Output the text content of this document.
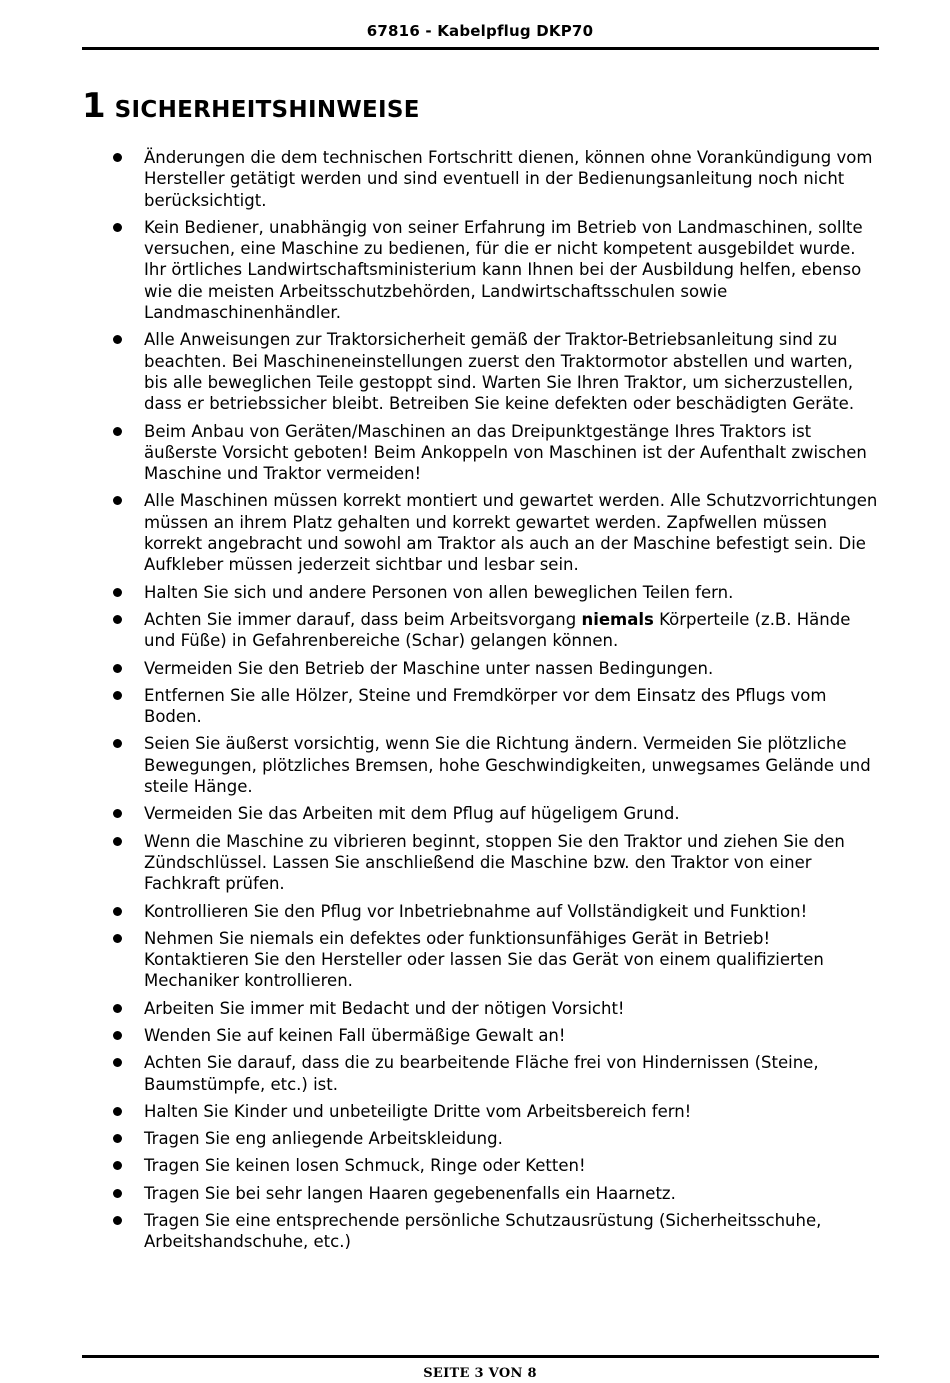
67816 - Kabelpflug DKP70
1 SICHERHEITSHINWEISE
Änderungen die dem technischen Fortschritt dienen, können ohne Vorankündigung vom Hersteller getätigt werden und sind eventuell in der Bedienungsanleitung noch nicht berücksichtigt.
Kein Bediener, unabhängig von seiner Erfahrung im Betrieb von Landmaschinen, sollte versuchen, eine Maschine zu bedienen, für die er nicht kompetent ausgebildet wurde. Ihr örtliches Landwirtschaftsministerium kann Ihnen bei der Ausbildung helfen, ebenso wie die meisten Arbeitsschutzbehörden, Landwirtschaftsschulen sowie Landmaschinenhändler.
Alle Anweisungen zur Traktorsicherheit gemäß der Traktor-Betriebsanleitung sind zu beachten. Bei Maschineneinstellungen zuerst den Traktormotor abstellen und warten, bis alle beweglichen Teile gestoppt sind. Warten Sie Ihren Traktor, um sicherzustellen, dass er betriebssicher bleibt. Betreiben Sie keine defekten oder beschädigten Geräte.
Beim Anbau von Geräten/Maschinen an das Dreipunktgestänge Ihres Traktors ist äußerste Vorsicht geboten! Beim Ankoppeln von Maschinen ist der Aufenthalt zwischen Maschine und Traktor vermeiden!
Alle Maschinen müssen korrekt montiert und gewartet werden. Alle Schutzvorrichtungen müssen an ihrem Platz gehalten und korrekt gewartet werden. Zapfwellen müssen korrekt angebracht und sowohl am Traktor als auch an der Maschine befestigt sein. Die Aufkleber müssen jederzeit sichtbar und lesbar sein.
Halten Sie sich und andere Personen von allen beweglichen Teilen fern.
Achten Sie immer darauf, dass beim Arbeitsvorgang niemals Körperteile (z.B. Hände und Füße) in Gefahrenbereiche (Schar) gelangen können.
Vermeiden Sie den Betrieb der Maschine unter nassen Bedingungen.
Entfernen Sie alle Hölzer, Steine und Fremdkörper vor dem Einsatz des Pflugs vom Boden.
Seien Sie äußerst vorsichtig, wenn Sie die Richtung ändern. Vermeiden Sie plötzliche Bewegungen, plötzliches Bremsen, hohe Geschwindigkeiten, unwegsames Gelände und steile Hänge.
Vermeiden Sie das Arbeiten mit dem Pflug auf hügeligem Grund.
Wenn die Maschine zu vibrieren beginnt, stoppen Sie den Traktor und ziehen Sie den Zündschlüssel. Lassen Sie anschließend die Maschine bzw. den Traktor von einer Fachkraft prüfen.
Kontrollieren Sie den Pflug vor Inbetriebnahme auf Vollständigkeit und Funktion!
Nehmen Sie niemals ein defektes oder funktionsunfähiges Gerät in Betrieb! Kontaktieren Sie den Hersteller oder lassen Sie das Gerät von einem qualifizierten Mechaniker kontrollieren.
Arbeiten Sie immer mit Bedacht und der nötigen Vorsicht!
Wenden Sie auf keinen Fall übermäßige Gewalt an!
Achten Sie darauf, dass die zu bearbeitende Fläche frei von Hindernissen (Steine, Baumstümpfe, etc.) ist.
Halten Sie Kinder und unbeteiligte Dritte vom Arbeitsbereich fern!
Tragen Sie eng anliegende Arbeitskleidung.
Tragen Sie keinen losen Schmuck, Ringe oder Ketten!
Tragen Sie bei sehr langen Haaren gegebenenfalls ein Haarnetz.
Tragen Sie eine entsprechende persönliche Schutzausrüstung (Sicherheitsschuhe, Arbeitshandschuhe, etc.)
SEITE 3 VON 8
